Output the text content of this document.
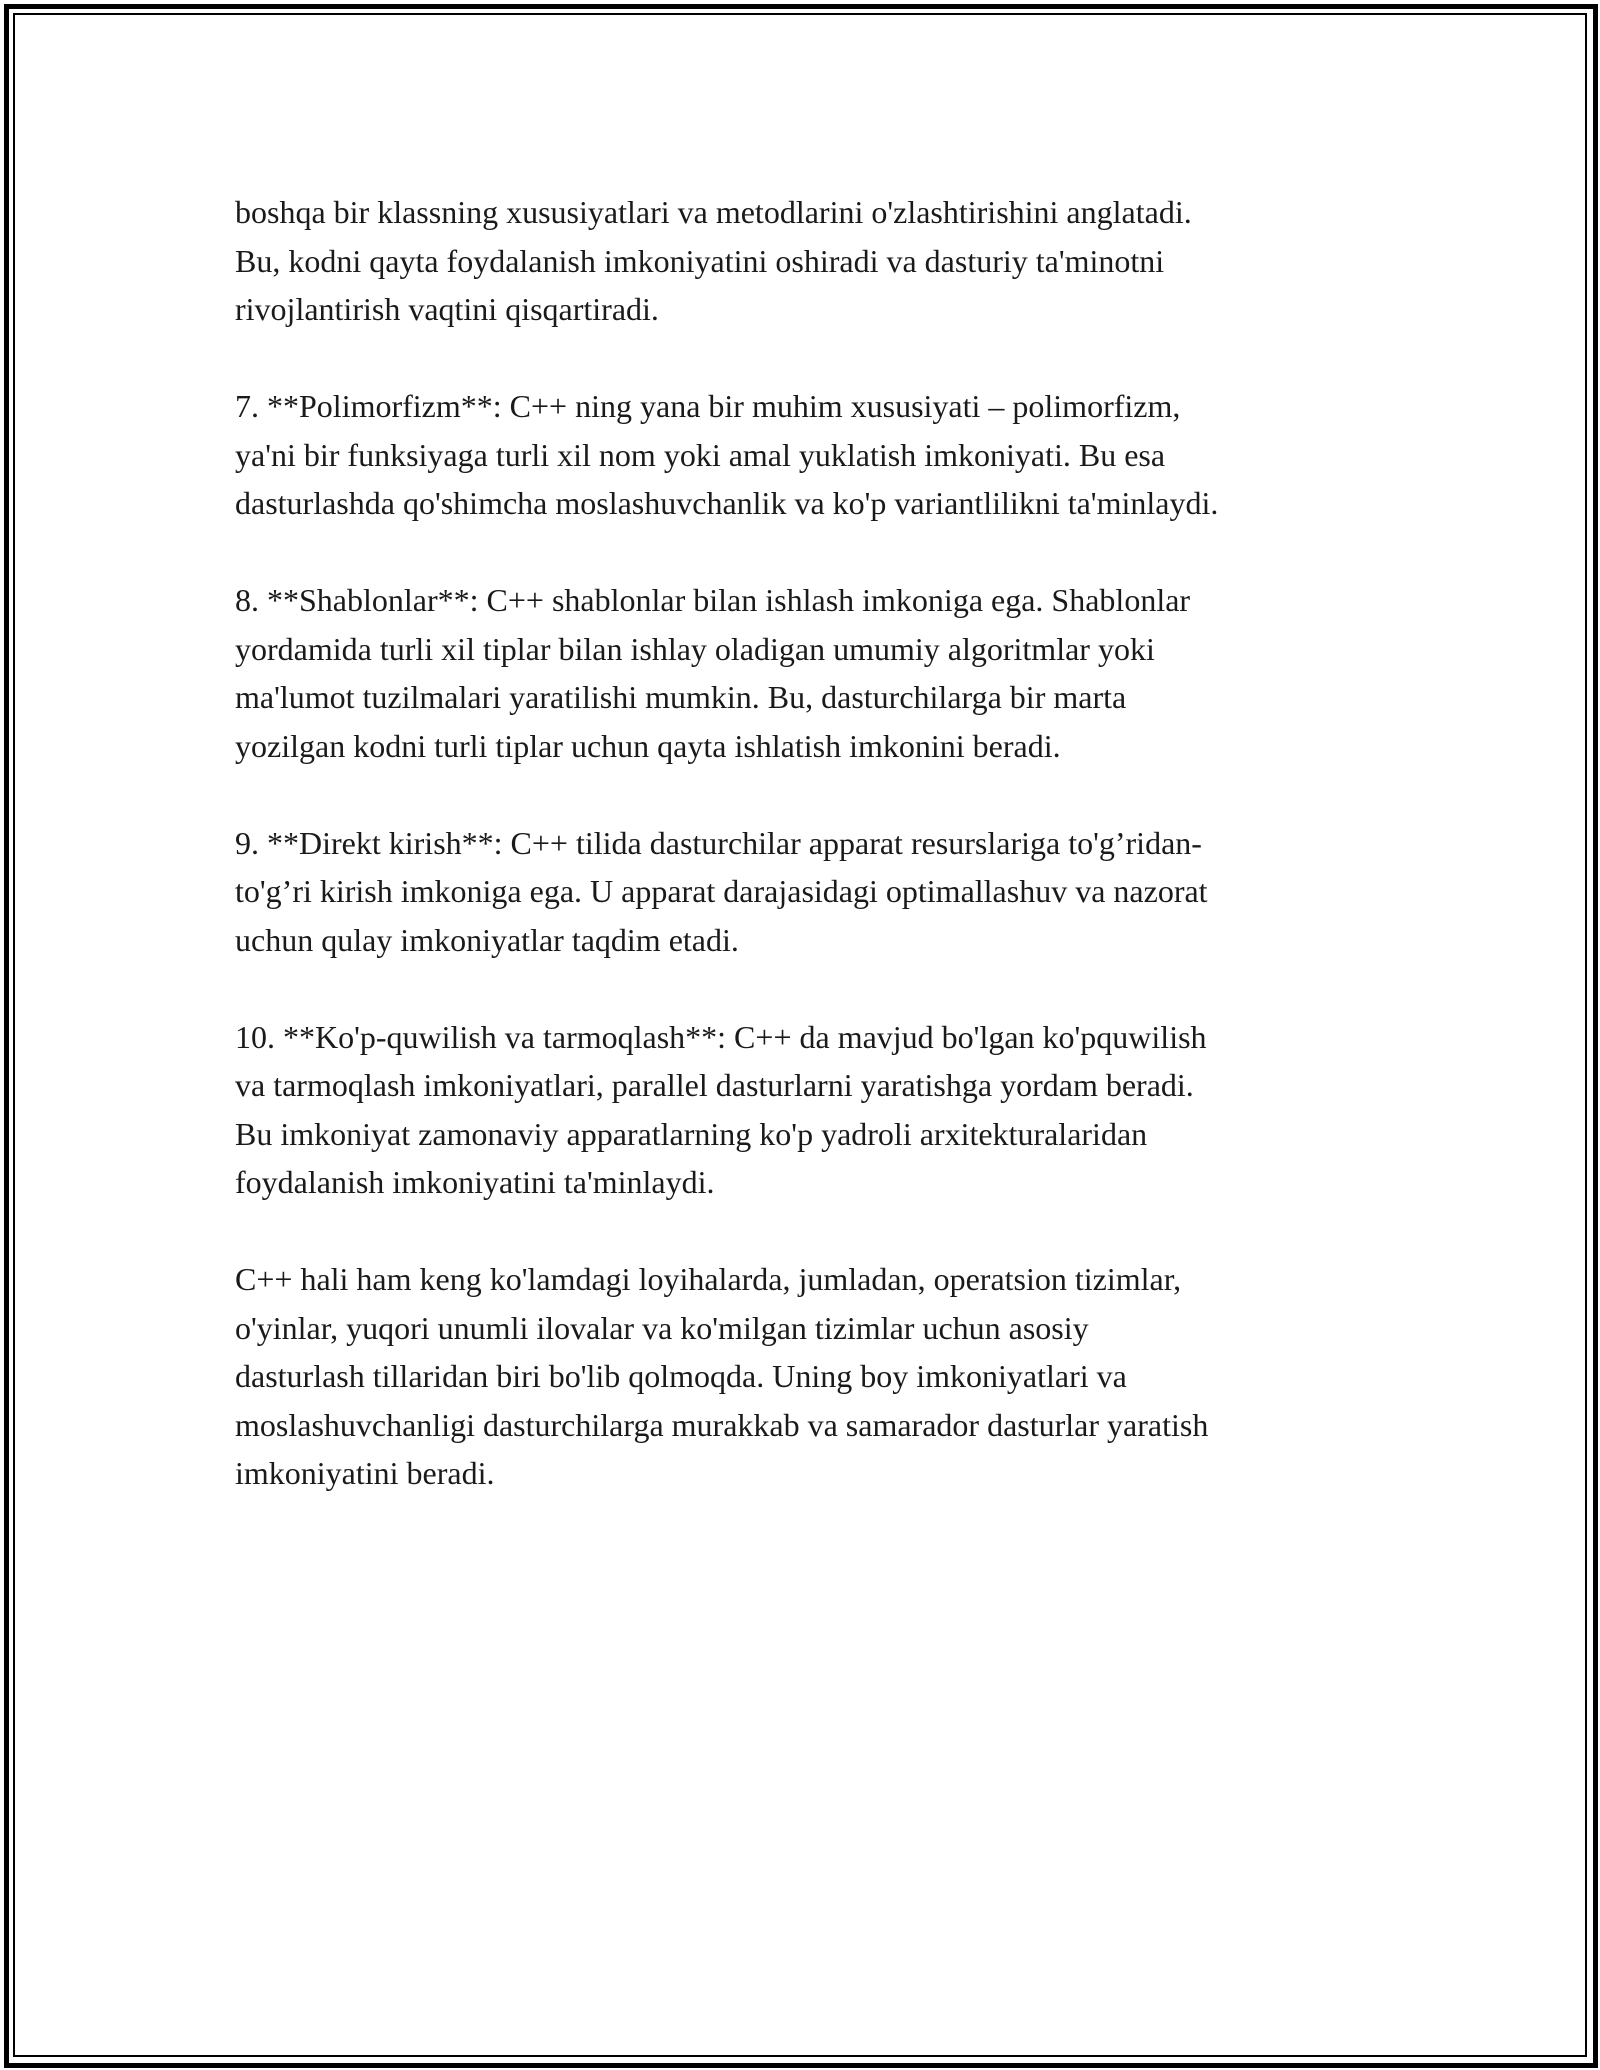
boshqa bir klassning xususiyatlari va metodlarini o'zlashtirishini anglatadi.
Bu, kodni qayta foydalanish imkoniyatini oshiradi va dasturiy ta'minotni
rivojlantirish vaqtini qisqartiradi.
7. **Polimorfizm**: C++ ning yana bir muhim xususiyati – polimorfizm,
ya'ni bir funksiyaga turli xil nom yoki amal yuklatish imkoniyati. Bu esa
dasturlashda qo'shimcha moslashuvchanlik va ko'p variantlilikni ta'minlaydi.
8. **Shablonlar**: C++ shablonlar bilan ishlash imkoniga ega. Shablonlar
yordamida turli xil tiplar bilan ishlay oladigan umumiy algoritmlar yoki
ma'lumot tuzilmalari yaratilishi mumkin. Bu, dasturchilarga bir marta
yozilgan kodni turli tiplar uchun qayta ishlatish imkonini beradi.
9. **Direkt kirish**: C++ tilida dasturchilar apparat resurslariga to'g’ridan-
to'g’ri kirish imkoniga ega. U apparat darajasidagi optimallashuv va nazorat
uchun qulay imkoniyatlar taqdim etadi.
10. **Ko'p-quwilish va tarmoqlash**: C++ da mavjud bo'lgan ko'pquwilish
va tarmoqlash imkoniyatlari, parallel dasturlarni yaratishga yordam beradi.
Bu imkoniyat zamonaviy apparatlarning ko'p yadroli arxitekturalaridan
foydalanish imkoniyatini ta'minlaydi.
C++ hali ham keng ko'lamdagi loyihalarda, jumladan, operatsion tizimlar,
o'yinlar, yuqori unumli ilovalar va ko'milgan tizimlar uchun asosiy
dasturlash tillaridan biri bo'lib qolmoqda. Uning boy imkoniyatlari va
moslashuvchanligi dasturchilarga murakkab va samarador dasturlar yaratish
imkoniyatini beradi.
